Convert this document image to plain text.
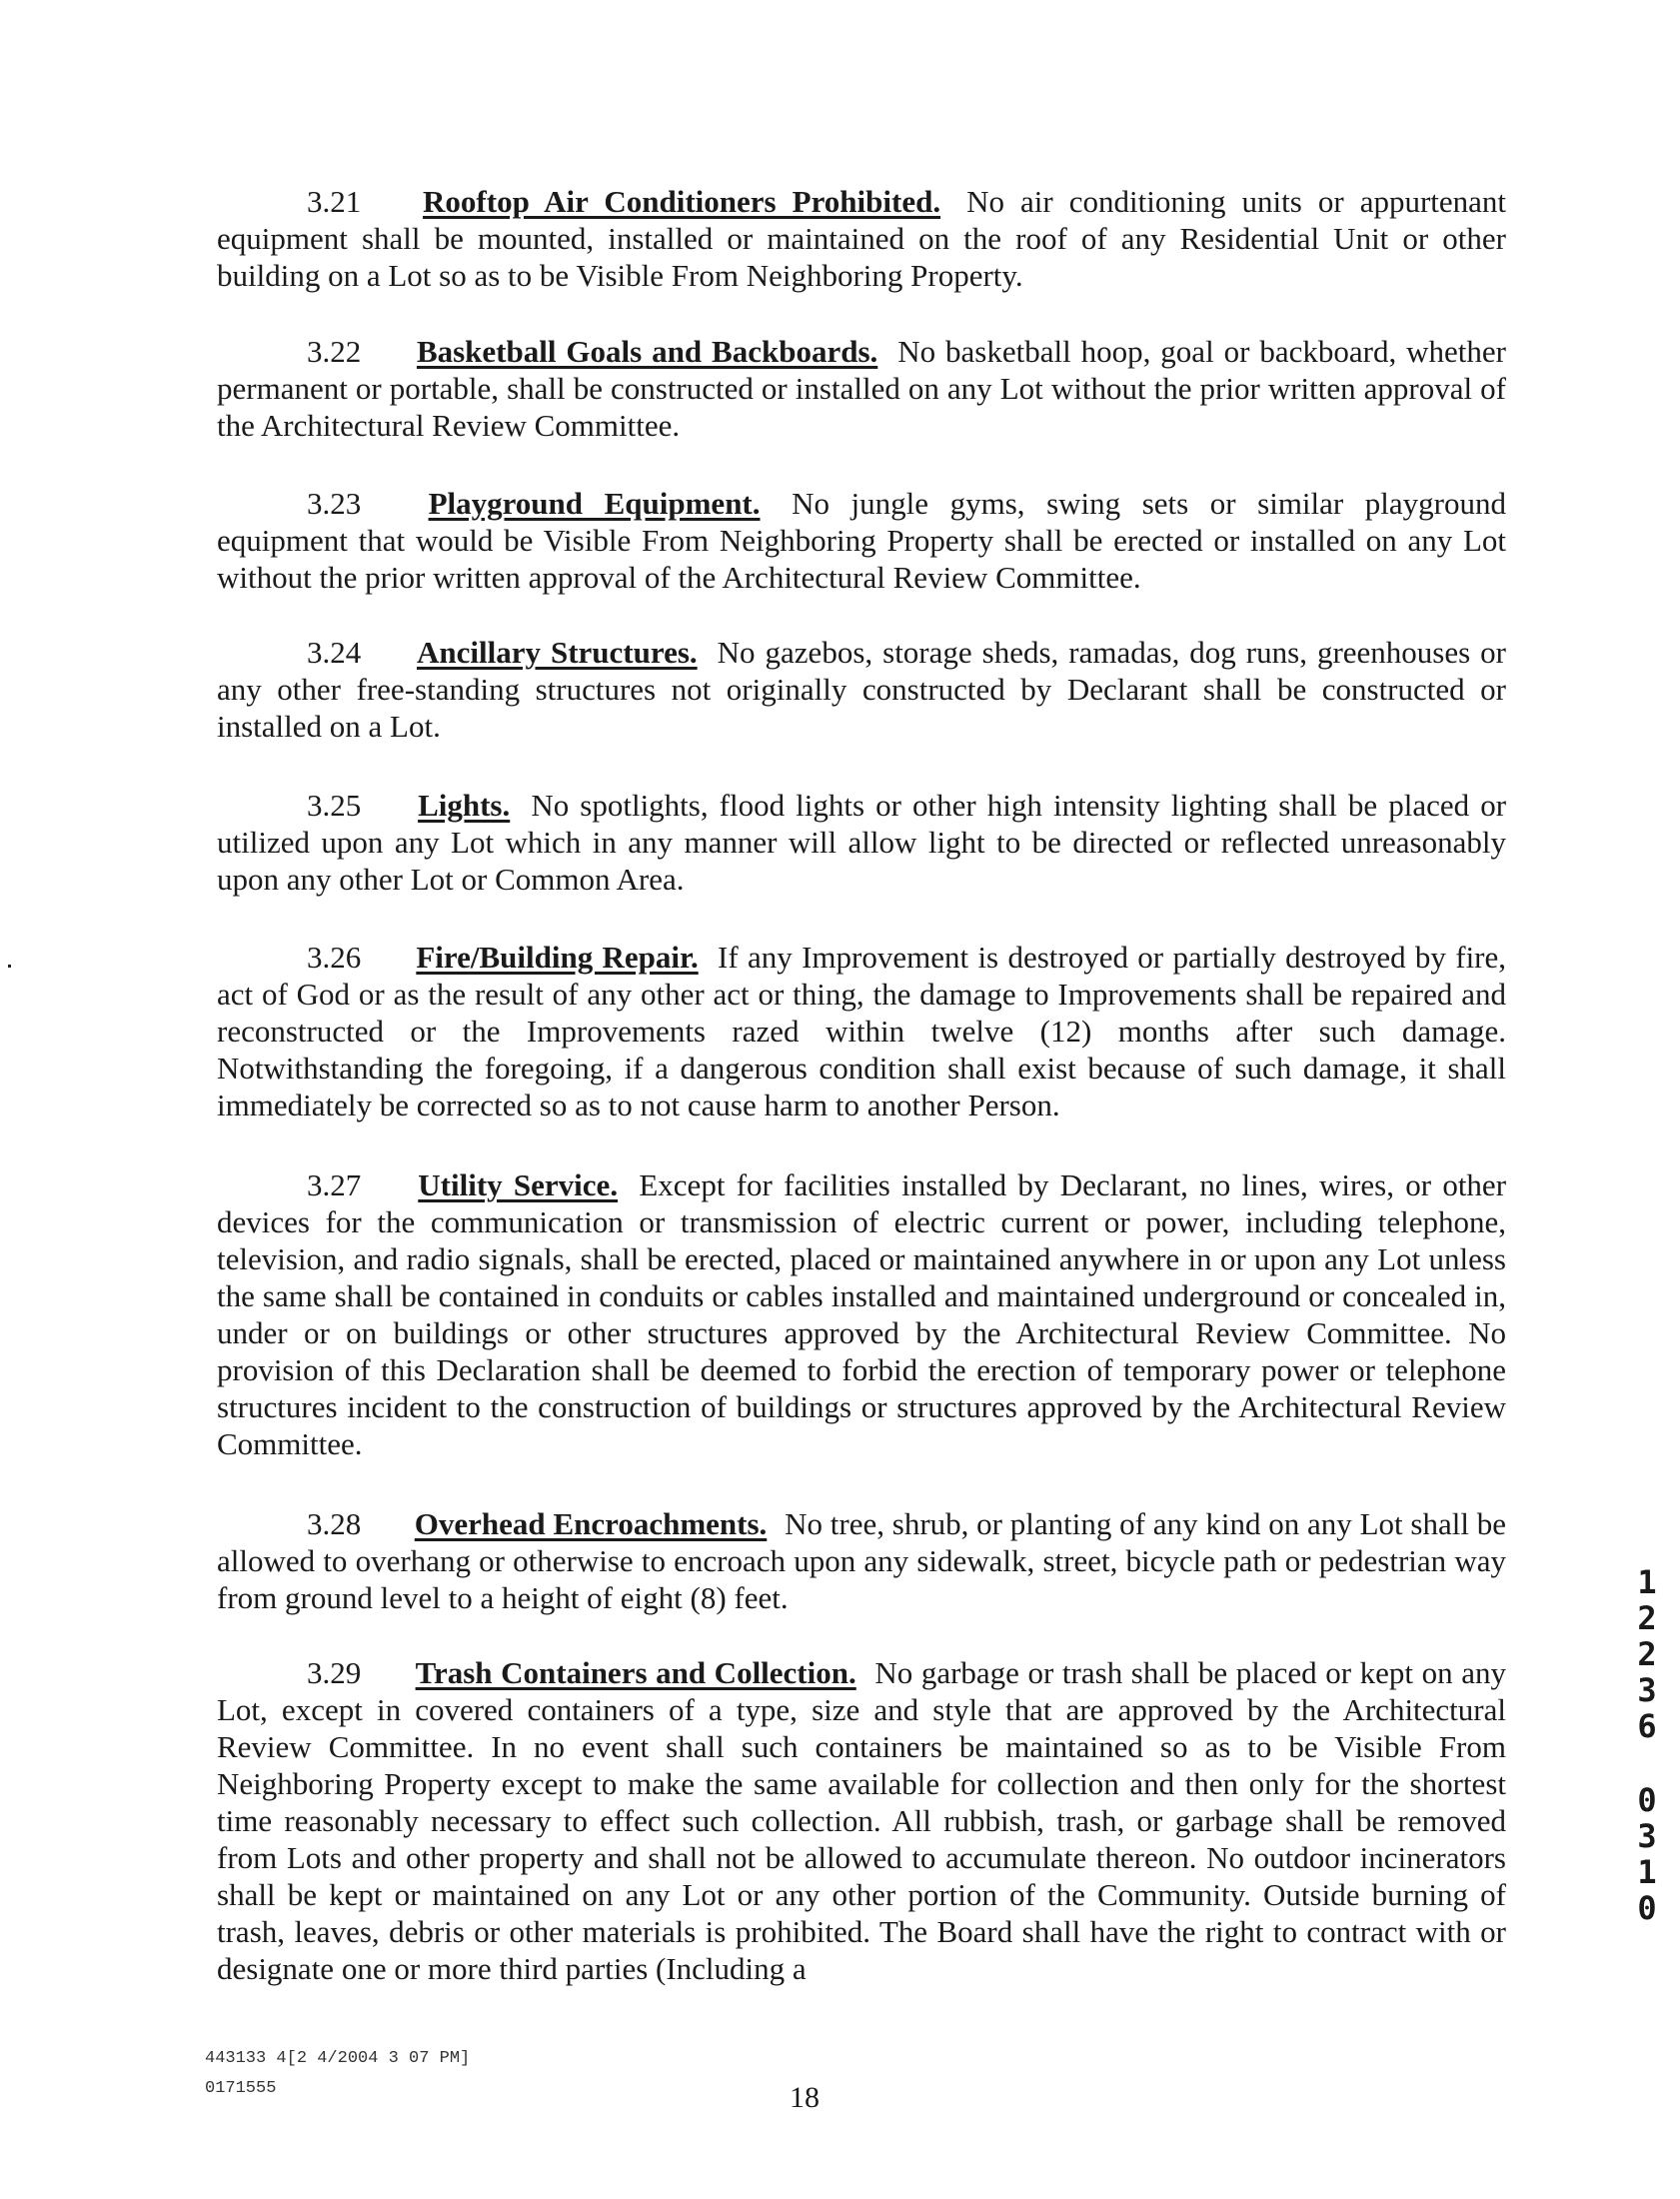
3.21 Rooftop Air Conditioners Prohibited. No air conditioning units or appurtenant equipment shall be mounted, installed or maintained on the roof of any Residential Unit or other building on a Lot so as to be Visible From Neighboring Property.

3.22 Basketball Goals and Backboards. No basketball hoop, goal or backboard, whether permanent or portable, shall be constructed or installed on any Lot without the prior written approval of the Architectural Review Committee.

3.23 Playground Equipment. No jungle gyms, swing sets or similar playground equipment that would be Visible From Neighboring Property shall be erected or installed on any Lot without the prior written approval of the Architectural Review Committee.

3.24 Ancillary Structures. No gazebos, storage sheds, ramadas, dog runs, greenhouses or any other free-standing structures not originally constructed by Declarant shall be constructed or installed on a Lot.

3.25 Lights. No spotlights, flood lights or other high intensity lighting shall be placed or utilized upon any Lot which in any manner will allow light to be directed or reflected unreasonably upon any other Lot or Common Area.

3.26 Fire/Building Repair. If any Improvement is destroyed or partially destroyed by fire, act of God or as the result of any other act or thing, the damage to Improvements shall be repaired and reconstructed or the Improvements razed within twelve (12) months after such damage. Notwithstanding the foregoing, if a dangerous condition shall exist because of such damage, it shall immediately be corrected so as to not cause harm to another Person.

3.27 Utility Service. Except for facilities installed by Declarant, no lines, wires, or other devices for the communication or transmission of electric current or power, including telephone, television, and radio signals, shall be erected, placed or maintained anywhere in or upon any Lot unless the same shall be contained in conduits or cables installed and maintained underground or concealed in, under or on buildings or other structures approved by the Architectural Review Committee. No provision of this Declaration shall be deemed to forbid the erection of temporary power or telephone structures incident to the construction of buildings or structures approved by the Architectural Review Committee.

3.28 Overhead Encroachments. No tree, shrub, or planting of any kind on any Lot shall be allowed to overhang or otherwise to encroach upon any sidewalk, street, bicycle path or pedestrian way from ground level to a height of eight (8) feet.

3.29 Trash Containers and Collection. No garbage or trash shall be placed or kept on any Lot, except in covered containers of a type, size and style that are approved by the Architectural Review Committee. In no event shall such containers be maintained so as to be Visible From Neighboring Property except to make the same available for collection and then only for the shortest time reasonably necessary to effect such collection. All rubbish, trash, or garbage shall be removed from Lots and other property and shall not be allowed to accumulate thereon. No outdoor incinerators shall be kept or maintained on any Lot or any other portion of the Community. Outside burning of trash, leaves, debris or other materials is prohibited. The Board shall have the right to contract with or designate one or more third parties (Including a

443133 4[2 4/2004 3 07 PM]
0171555	18
1
2
2
3
6
0
3
1
0
